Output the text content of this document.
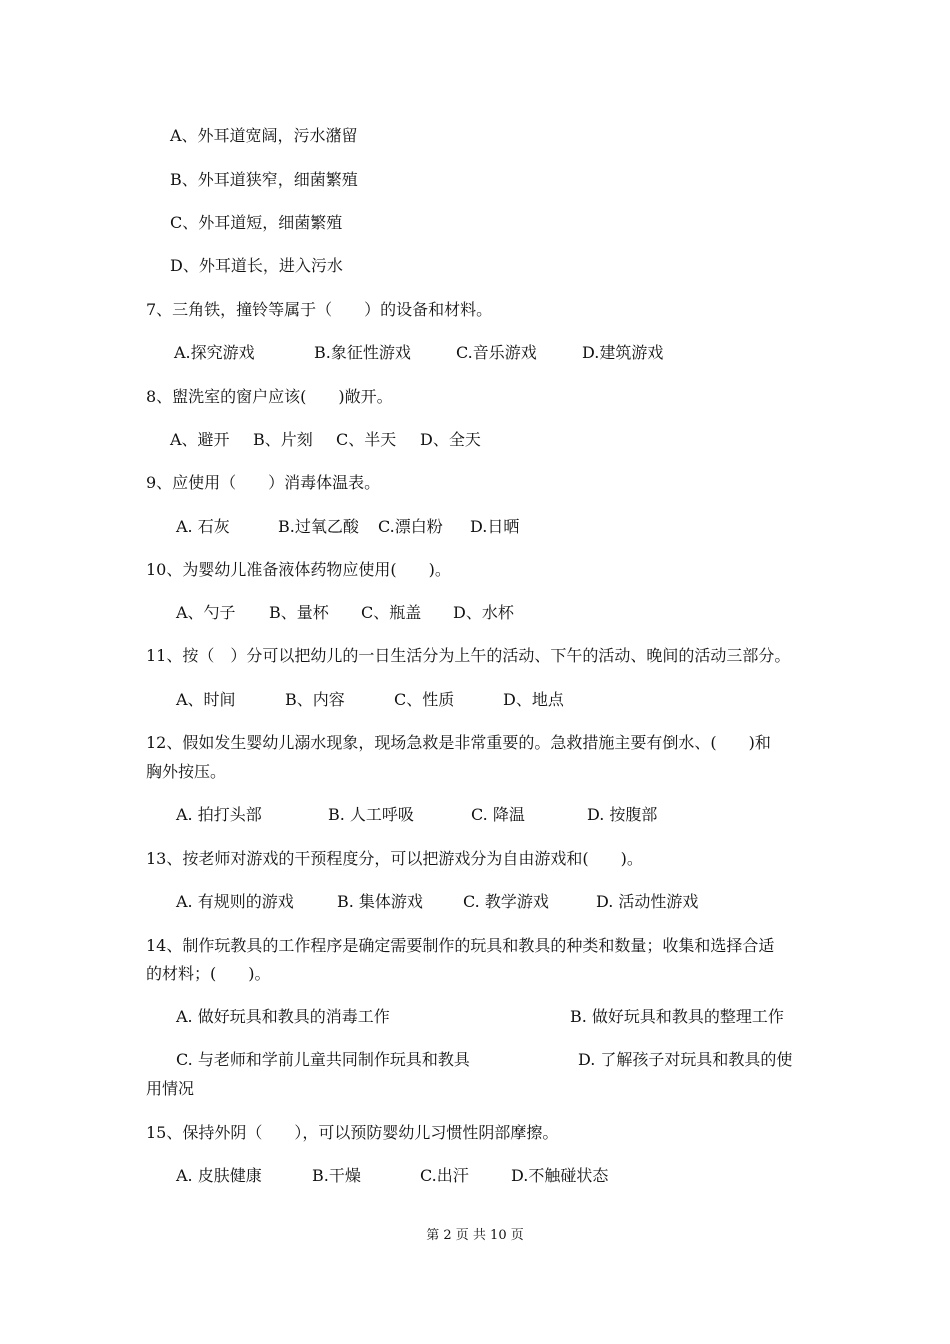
A、外耳道宽阔，污水潴留
B、外耳道狭窄，细菌繁殖
C、外耳道短，细菌繁殖
D、外耳道长，进入污水
7、三角铁，撞铃等属于（　　）的设备和材料。
A.探究游戏	B.象征性游戏	C.音乐游戏	D.建筑游戏
8、盥洗室的窗户应该(　　)敞开。
A、避开 B、片刻 C、半天 D、全天
9、应使用（　　）消毒体温表。
A. 石灰	B.过氧乙酸 C.漂白粉 D.日晒
10、为婴幼儿准备液体药物应使用(　　)。
A、勺子 B、量杯 C、瓶盖 D、水杯
11、按（　）分可以把幼儿的一日生活分为上午的活动、下午的活动、晚间的活动三部分。
A、时间	B、内容	C、性质	D、地点
12、假如发生婴幼儿溺水现象，现场急救是非常重要的。急救措施主要有倒水、(　　)和
胸外按压。
A. 拍打头部	B. 人工呼吸	C. 降温	D. 按腹部
13、按老师对游戏的干预程度分，可以把游戏分为自由游戏和(　　)。
A. 有规则的游戏	B. 集体游戏	C. 教学游戏	D. 活动性游戏
14、制作玩教具的工作程序是确定需要制作的玩具和教具的种类和数量；收集和选择合适
的材料；(　　)。
A. 做好玩具和教具的消毒工作	B. 做好玩具和教具的整理工作
C. 与老师和学前儿童共同制作玩具和教具	D. 了解孩子对玩具和教具的使
用情况
15、保持外阴（　　），可以预防婴幼儿习惯性阴部摩擦。
A. 皮肤健康	B.干燥	C.出汗	D.不触碰状态
第 2 页 共 10 页
